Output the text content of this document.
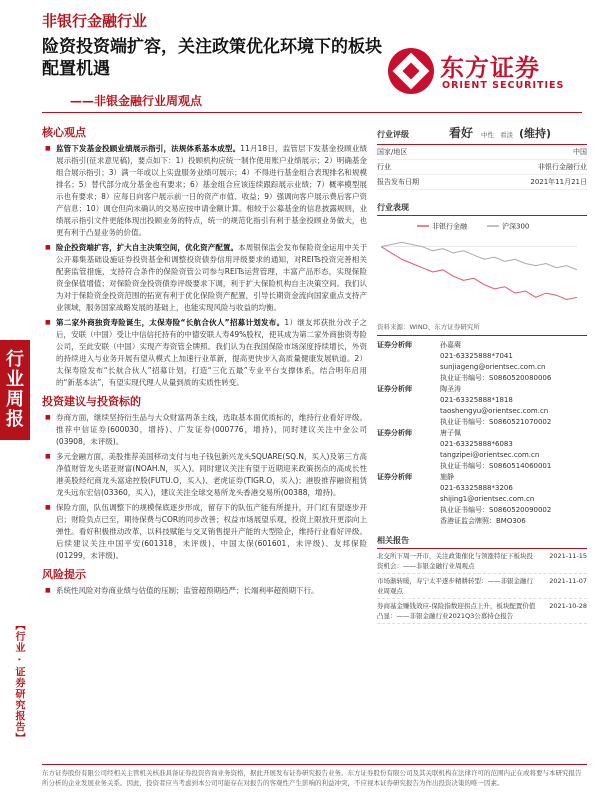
行
业
周
报
【行业 · 证券研究报告】
非银行金融行业
险资投资端扩容，关注政策优化环境下的板块配置机遇
——非银金融行业周观点
东方证券
ORIENT SECURITIES
核心观点
■ 监管下发基金投顾业绩展示指引，法规体系基本成型。11月18日，监管层下发基金投顾业绩展示指引(征求意见稿)，要点如下：1）投顾机构应统一制作使用账户业绩展示；2）明确基金组合展示指引；3）满一年或以上实盘服务业绩可展示；4）不得进行基金组合表现排名和规模排名；5）替代部分成分基金也有要求；6）基金组合应该连续跟踪展示业绩；7）概率模型展示也有要求；8）应每日向客户展示前一日的资产市值、收益；9）强调向客户展示费后客户资产信息；10）调仓但尚未确认的交易应按申请金额计算。相较于公募基金的信息披露规则，业绩展示指引文件更能体现出投顾业务的特点，统一的规范化指引有利于基金投顾业务做大，也更有利于凸显业务的价值。
■ 险企投资端扩容，扩大自主决策空间，优化资产配置。本周银保监会发布保险资金运用中关于公开募集基础设施证券投资基金和调整投资债券信用评级要求的通知，对REITs投资完善相关配套监管措施，支持符合条件的保险资管公司参与REITs运营管理，丰富产品形态，实现保险资金保值增值；对保险资金投资债券评级要求下调，利于扩大保险机构自主决策空间。我们认为对于保险资金投资范围的拓宽有利于优化保险资产配置，引导长期资金流向国家重点支持产业领域，服务国家战略发展的基础上，也能实现风险与收益的均衡。
■ 第二家外商独资寿险诞生，太保寿险“长航合伙人”招募计划发布。1）继友邦获批分改子之后，安联（中国）受让中信信托持有的中德安联人寿49%股权，使其成为第二家外商独资寿险公司，至此安联（中国）实现产寿资管全牌照。我们认为在我国保险市场深度持续增长，外资的持续进入与业务开展有望从模式上加速行业革新，提高更快步入高质量健康发展轨道。2）太保寿险发布“长航合伙人”招募计划，打造“三化五最”专业平台支撑体系，结合明年启用的“新基本法”，有望实现代理人从量到质的实质性转变。
投资建议与投资标的
■ 券商方面，继续坚持衍生品与大众财富两条主线，选取基本面优质标的，维持行业看好评级。推荐中信证券(600030，增持)、广发证券(000776，增持)，同时建议关注中金公司(03908，未评级)。
■ 多元金融方面，美股推荐美国移动支付与电子钱包新兴龙头SQUARE(SQ.N，买入)及第三方高净值财管龙头诺亚财富(NOAH.N，买入)。同时建议关注有望于近期迎来政策拐点的高成长性港美股经纪商龙头富途控股(FUTU.O，买入)、老虎证券(TIGR.O，买入)；港股推荐融资租赁龙头远东宏信(03360，买入)，建议关注全球交易所龙头香港交易所(00388，增持)。
■ 保险方面，队伍调整下的规模保底逐步形成，留存下的队伍产能有所提升，开门红有望逐步开启；财险负点已至，期待保费与COR的同步改善；权益市场展望乐观，投资上限放开更添向上弹性。看好积极推动改革，以科技赋能与交叉销售提升产能的大型险企，维持行业看好评级。后续建议关注中国平安(601318，未评级)、中国太保(601601，未评级)、友邦保险(01299，未评级)。
风险提示
■ 系统性风险对券商业绩与估值的压制；监管超预期趋严；长端利率超预期下行。
行业评级	看好 中性 看淡 (维持)
国家/地区	中国
行业	非银行金融行业
报告发布日期	2021年11月21日
行业表现
非银行金融	沪深300
资料来源：WIND、东方证券研究所
证券分析师	孙嘉赓
021-63325888*7041
sunjiageng@orientsec.com.cn
执业证书编号：S0860520080006
证券分析师	陶圣涛
021-63325888*1818
taoshengyu@orientsec.com.cn
执业证书编号：S0860521070002
证券分析师	唐子佩
021-63325888*6083
tangzipei@orientsec.com.cn
执业证书编号：S0860514060001
证券分析师	施静
021-63325888*3206
shijing1@orientsec.com.cn
执业证书编号：S0860520090002
香港证监会牌照：BMO306
相关报告
北交所下周一开市，关注政策催化与领涨特征下板块投资机会：——非银金融行业周观点
2021-11-15
市场渐转暖，寿宁太平逐步精耕转型：——非银金融行业周观点
2021-11-07
券商基金赚钱效应-保险指数迎拐点上升，板块配置价值凸显：——非银金融行业2021Q3公募持仓报告
2021-10-28
东方证券股份有限公司经相关主管机关核准具备证券投资咨询业务资格，据此开展发布证券研究报告业务。东方证券股份有限公司及其关联机构在法律许可的范围内正在或将要与本研究报告所分析的企业发展业务关系。因此，投资者应当考虑到本公司可能存在对报告的客观性产生影响的利益冲突，不应视本证券研究报告为作出投资决策的唯一因素。
